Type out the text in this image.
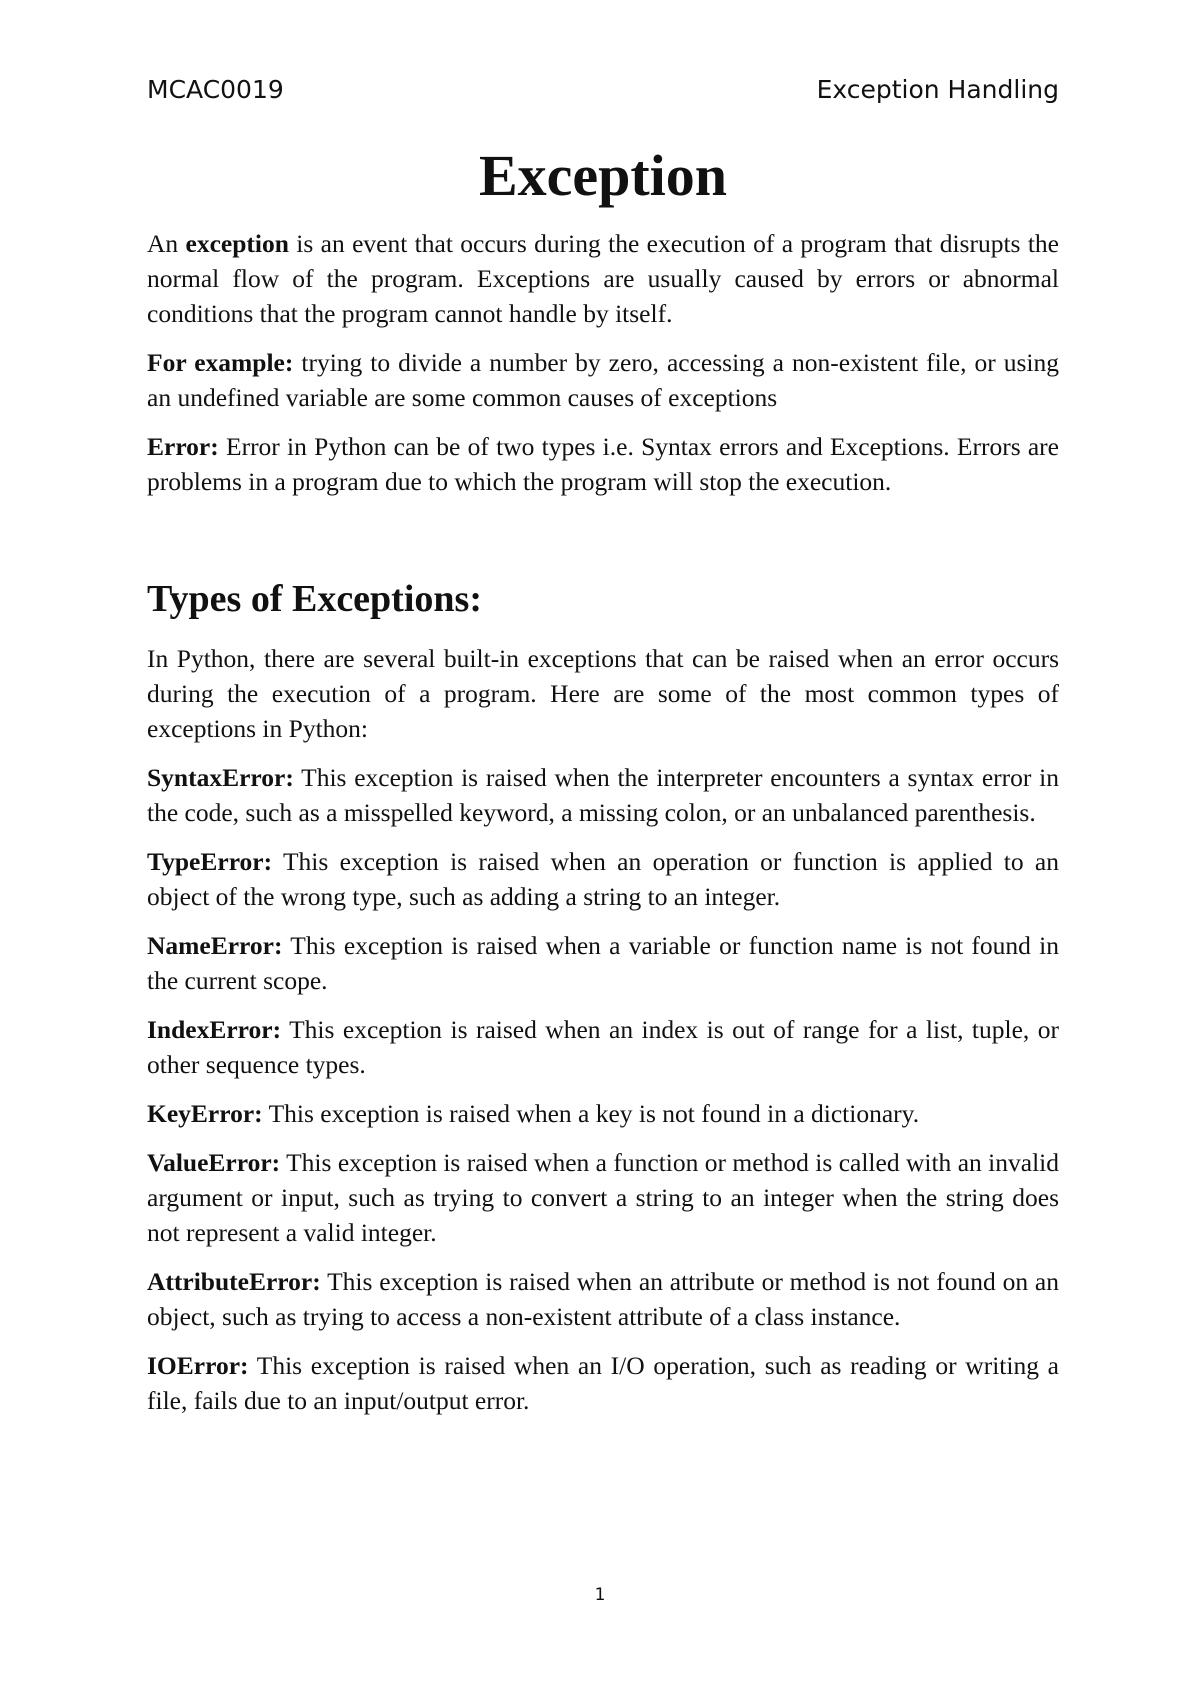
MCAC0019	Exception Handling
Exception

An exception is an event that occurs during the execution of a program that disrupts the normal flow of the program. Exceptions are usually caused by errors or abnormal conditions that the program cannot handle by itself.

For example: trying to divide a number by zero, accessing a non-existent file, or using an undefined variable are some common causes of exceptions

Error: Error in Python can be of two types i.e. Syntax errors and Exceptions. Errors are problems in a program due to which the program will stop the execution.

Types of Exceptions:

In Python, there are several built-in exceptions that can be raised when an error occurs during the execution of a program. Here are some of the most common types of exceptions in Python:

SyntaxError: This exception is raised when the interpreter encounters a syntax error in the code, such as a misspelled keyword, a missing colon, or an unbalanced parenthesis.

TypeError: This exception is raised when an operation or function is applied to an object of the wrong type, such as adding a string to an integer.

NameError: This exception is raised when a variable or function name is not found in the current scope.

IndexError: This exception is raised when an index is out of range for a list, tuple, or other sequence types.

KeyError: This exception is raised when a key is not found in a dictionary.

ValueError: This exception is raised when a function or method is called with an invalid argument or input, such as trying to convert a string to an integer when the string does not represent a valid integer.

AttributeError: This exception is raised when an attribute or method is not found on an object, such as trying to access a non-existent attribute of a class instance.

IOError: This exception is raised when an I/O operation, such as reading or writing a file, fails due to an input/output error.

1
